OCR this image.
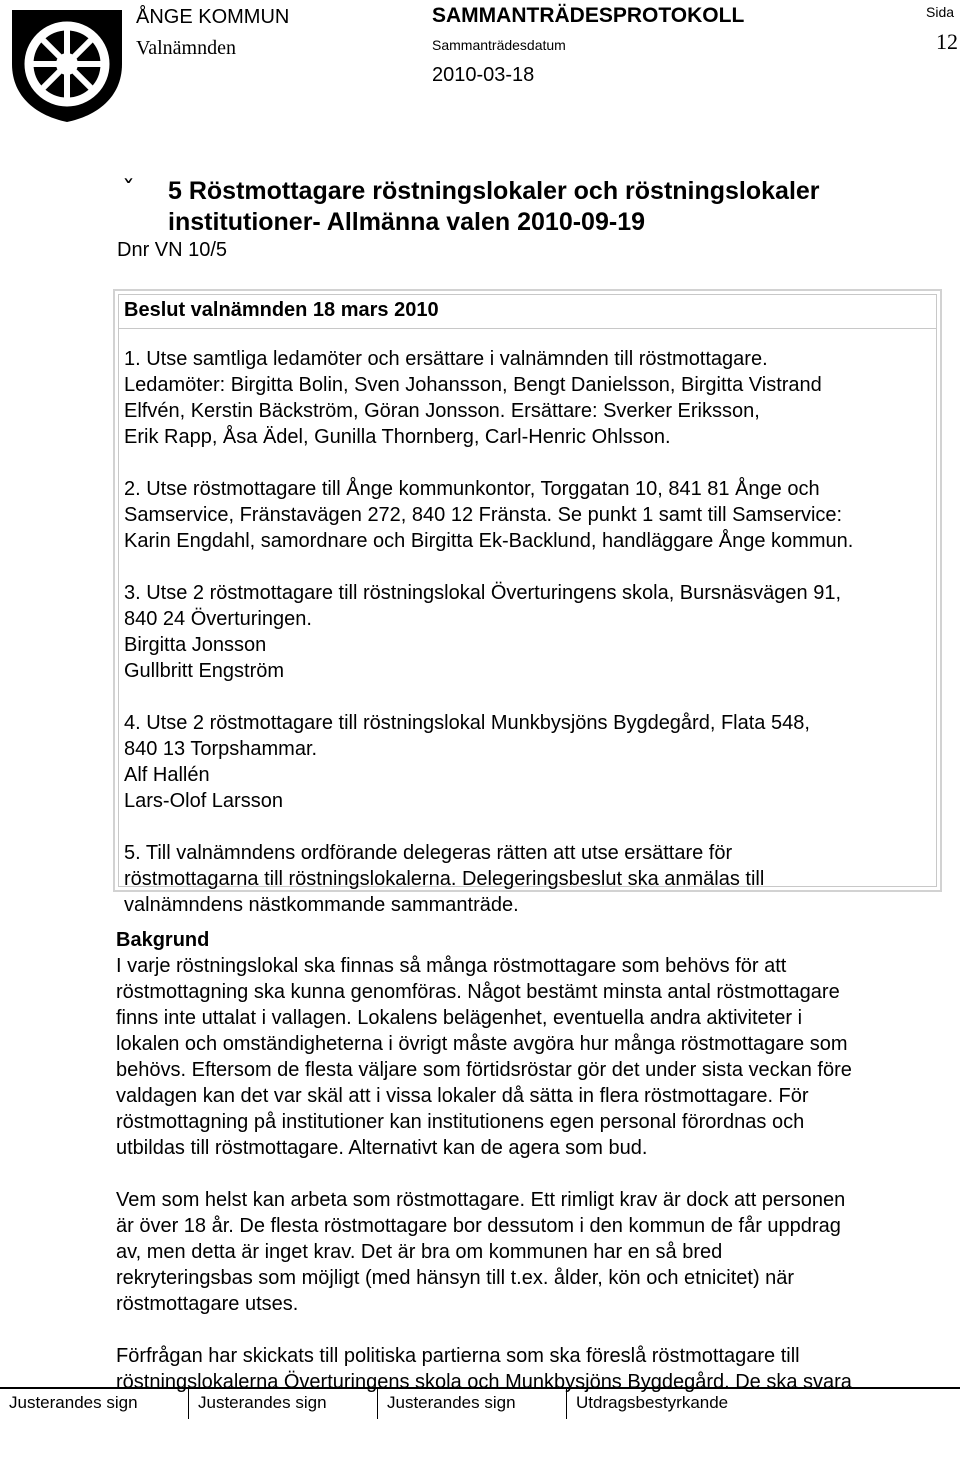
ÅNGE KOMMUN
Valnämnden
SAMMANTRÄDESPROTOKOLL
Sammanträdesdatum
2010-03-18
Sida
12
ˇ 5 Röstmottagare röstningslokaler och röstningslokaler institutioner- Allmänna valen 2010-09-19
Dnr VN 10/5
Beslut valnämnden 18 mars 2010

1. Utse samtliga ledamöter och ersättare i valnämnden till röstmottagare.
Ledamöter: Birgitta Bolin, Sven Johansson, Bengt Danielsson, Birgitta Vistrand
Elfvén, Kerstin Bäckström, Göran Jonsson. Ersättare: Sverker Eriksson,
Erik Rapp, Åsa Ädel, Gunilla Thornberg, Carl-Henric Ohlsson.

2. Utse röstmottagare till Ånge kommunkontor, Torggatan 10, 841 81 Ånge och
Samservice, Fränstavägen 272, 840 12 Fränsta. Se punkt 1 samt till Samservice:
Karin Engdahl, samordnare och Birgitta Ek-Backlund, handläggare Ånge kommun.

3. Utse 2 röstmottagare till röstningslokal Överturingens skola, Bursnäsvägen 91,
840 24 Överturingen.
Birgitta Jonsson
Gullbritt Engström

4. Utse 2 röstmottagare till röstningslokal Munkbysjöns Bygdegård, Flata 548,
840 13 Torpshammar.
Alf Hallén
Lars-Olof Larsson

5. Till valnämndens ordförande delegeras rätten att utse ersättare för
röstmottagarna till röstningslokalerna. Delegeringsbeslut ska anmälas till
valnämndens nästkommande sammanträde.

Bakgrund

I varje röstningslokal ska finnas så många röstmottagare som behövs för att
röstmottagning ska kunna genomföras. Något bestämt minsta antal röstmottagare
finns inte uttalat i vallagen. Lokalens belägenhet, eventuella andra aktiviteter i
lokalen och omständigheterna i övrigt måste avgöra hur många röstmottagare som
behövs. Eftersom de flesta väljare som förtidsröstar gör det under sista veckan före
valdagen kan det var skäl att i vissa lokaler då sätta in flera röstmottagare. För
röstmottagning på institutioner kan institutionens egen personal förordnas och
utbildas till röstmottagare. Alternativt kan de agera som bud.

Vem som helst kan arbeta som röstmottagare. Ett rimligt krav är dock att personen
är över 18 år. De flesta röstmottagare bor dessutom i den kommun de får uppdrag
av, men detta är inget krav. Det är bra om kommunen har en så bred
rekryteringsbas som möjligt (med hänsyn till t.ex. ålder, kön och etnicitet) när
röstmottagare utses.

Förfrågan har skickats till politiska partierna som ska föreslå röstmottagare till
röstningslokalerna Överturingens skola och Munkbysjöns Bygdegård. De ska svara

Justerandes sign	Justerandes sign	Justerandes sign	Utdragsbestyrkande
